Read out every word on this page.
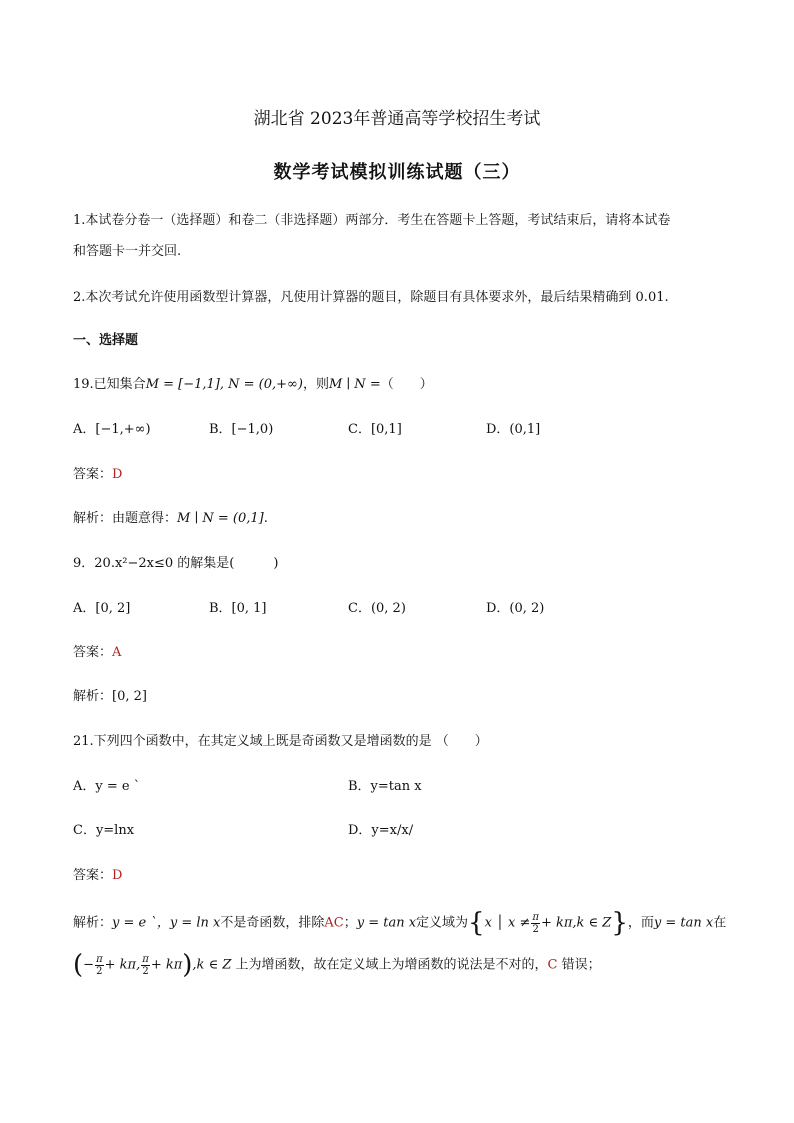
湖北省 2023年普通高等学校招生考试
数学考试模拟训练试题（三）
1.本试卷分卷一（选择题）和卷二（非选择题）两部分．考生在答题卡上答题，考试结束后，请将本试卷
和答题卡一并交回.
2.本次考试允许使用函数型计算器，凡使用计算器的题目，除题目有具体要求外，最后结果精确到 0.01.
一、选择题
19.已知集合M = [−1,1], N = (0,+∞)，则M ∣ N =（　　）
A．[−1,+∞)	B．[−1,0)	C．[0,1]	D．(0,1]
答案：D
解析：由题意得：M ∣ N = (0,1].
9．20.x²−2x≤0 的解集是(　　　)
A．[0, 2]	B．[0, 1]	C．(0, 2)	D．(0, 2)
答案：A
解析：[0, 2]
21.下列四个函数中，在其定义域上既是奇函数又是增函数的是 （　　）
A．y = e ˋ	B．y=tan x
C．y=lnx	D．y=x/x/
答案：D
解析：y = e ˋ，y = ln x不是奇函数，排除AC；y = tan x定义域为{x │ $x \ne \frac{\pi}{2} + k\pi,k$ ∈ Z}，而y = tan x在
(− $\frac{\pi}{2} + k\pi$, $\frac{\pi}{2} + k\pi),k$ ∈ Z 上为增函数，故在定义域上为增函数的说法是不对的，C 错误；
